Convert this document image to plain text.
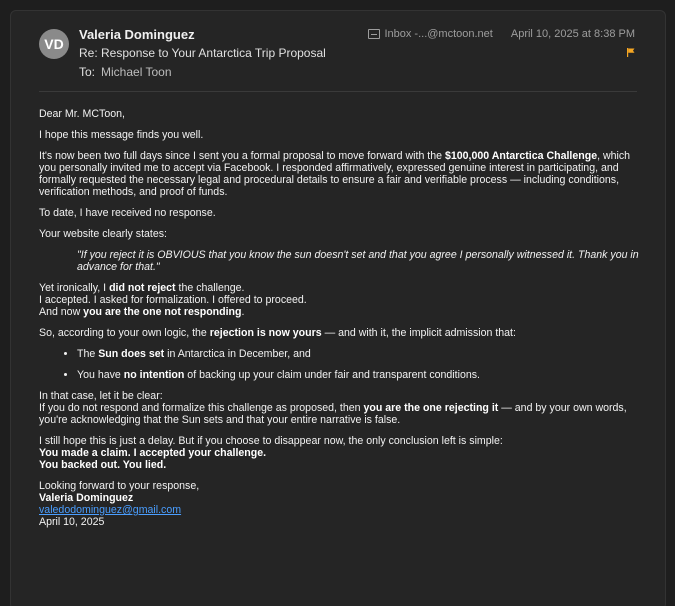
VD
Valeria Dominguez
Re: Response to Your Antarctica Trip Proposal
To: Michael Toon
Inbox -...@mctoon.net April 10, 2025 at 8:38 PM

Dear Mr. MCToon,

I hope this message finds you well.

It's now been two full days since I sent you a formal proposal to move forward with the $100,000 Antarctica Challenge, which you personally invited me to accept via Facebook. I responded affirmatively, expressed genuine interest in participating, and formally requested the necessary legal and procedural details to ensure a fair and verifiable process — including conditions, verification methods, and proof of funds.

To date, I have received no response.

Your website clearly states:

"If you reject it is OBVIOUS that you know the sun doesn't set and that you agree I personally witnessed it. Thank you in advance for that."

Yet ironically, I did not reject the challenge.
I accepted. I asked for formalization. I offered to proceed.
And now you are the one not responding.

So, according to your own logic, the rejection is now yours — and with it, the implicit admission that:

• The Sun does set in Antarctica in December, and
• You have no intention of backing up your claim under fair and transparent conditions.

In that case, let it be clear:
If you do not respond and formalize this challenge as proposed, then you are the one rejecting it — and by your own words, you're acknowledging that the Sun sets and that your entire narrative is false.

I still hope this is just a delay. But if you choose to disappear now, the only conclusion left is simple:
You made a claim. I accepted your challenge.
You backed out. You lied.

Looking forward to your response,
Valeria Dominguez
valedodominguez@gmail.com
April 10, 2025
